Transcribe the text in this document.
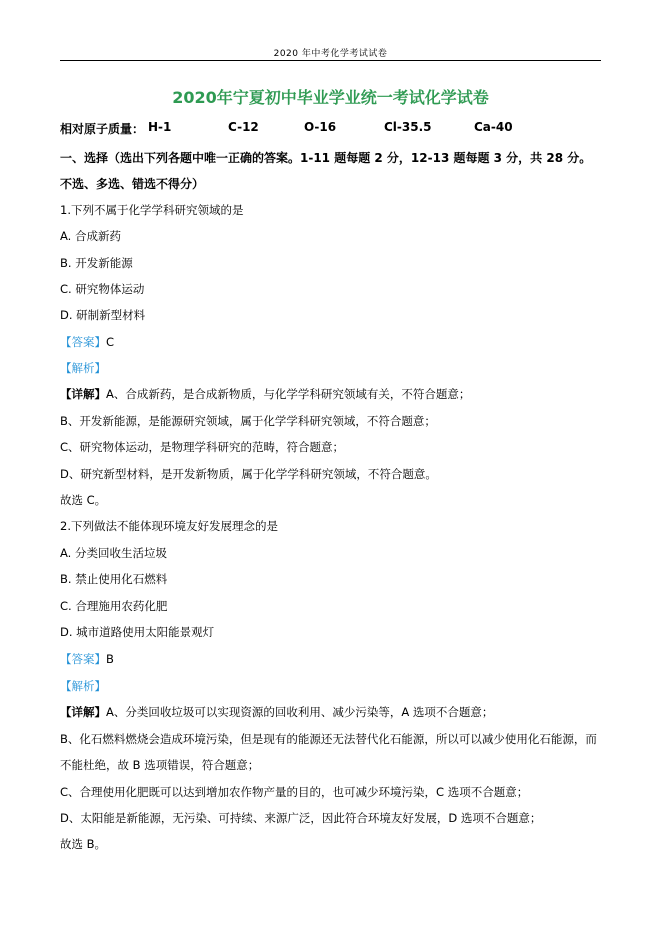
2020 年中考化学考试试卷
2020年宁夏初中毕业学业统一考试化学试卷
相对原子质量： H-1	C-12	O-16	Cl-35.5	Ca-40
一、选择（选出下列各题中唯一正确的答案。1-11 题每题 2 分，12-13 题每题 3 分，共 28 分。
不选、多选、错选不得分）
1.下列不属于化学学科研究领域的是
A. 合成新药
B. 开发新能源
C. 研究物体运动
D. 研制新型材料
【答案】C
【解析】
【详解】A、合成新药，是合成新物质，与化学学科研究领域有关，不符合题意；
B、开发新能源，是能源研究领域，属于化学学科研究领域，不符合题意；
C、研究物体运动，是物理学科研究的范畴，符合题意；
D、研究新型材料，是开发新物质，属于化学学科研究领域，不符合题意。
故选 C。
2.下列做法不能体现环境友好发展理念的是
A. 分类回收生活垃圾
B. 禁止使用化石燃料
C. 合理施用农药化肥
D. 城市道路使用太阳能景观灯
【答案】B
【解析】
【详解】A、分类回收垃圾可以实现资源的回收利用、减少污染等，A 选项不合题意；
B、化石燃料燃烧会造成环境污染，但是现有的能源还无法替代化石能源，所以可以减少使用化石能源，而
不能杜绝，故 B 选项错误，符合题意；
C、合理使用化肥既可以达到增加农作物产量的目的，也可减少环境污染，C 选项不合题意；
D、太阳能是新能源，无污染、可持续、来源广泛，因此符合环境友好发展，D 选项不合题意；
故选 B。
